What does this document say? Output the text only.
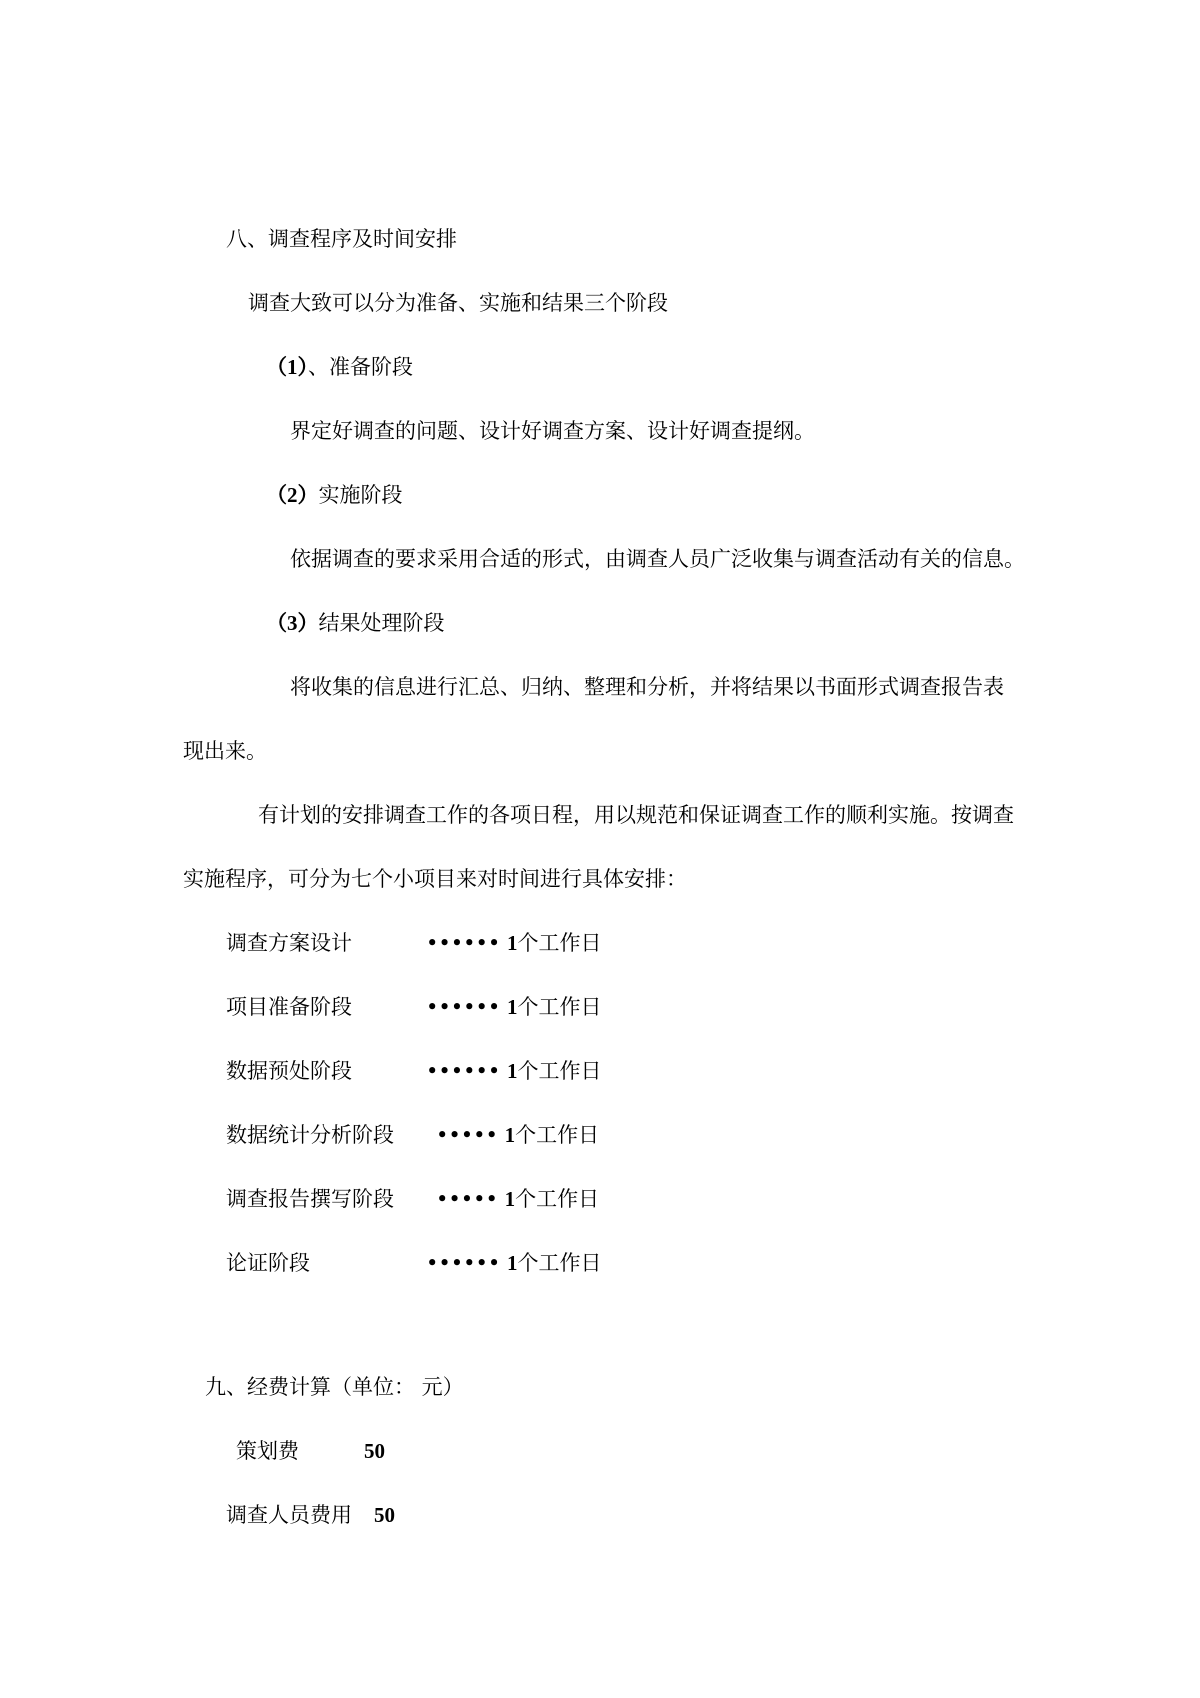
八、调查程序及时间安排
调查大致可以分为准备、实施和结果三个阶段
（1）、准备阶段
界定好调查的问题、设计好调查方案、设计好调查提纲。
（2）实施阶段
依据调查的要求采用合适的形式，由调查人员广泛收集与调查活动有关的信息。
（3）结果处理阶段
将收集的信息进行汇总、归纳、整理和分析，并将结果以书面形式调查报告表
现出来。
有计划的安排调查工作的各项日程，用以规范和保证调查工作的顺利实施。按调查
实施程序，可分为七个小项目来对时间进行具体安排：
调查方案设计	•••••• 1个工作日
项目准备阶段	•••••• 1个工作日
数据预处阶段	•••••• 1个工作日
数据统计分析阶段 ••••• 1个工作日
调查报告撰写阶段 ••••• 1个工作日
论证阶段	•••••• 1个工作日
九、经费计算（单位： 元）
策划费	50
调查人员费用 50
